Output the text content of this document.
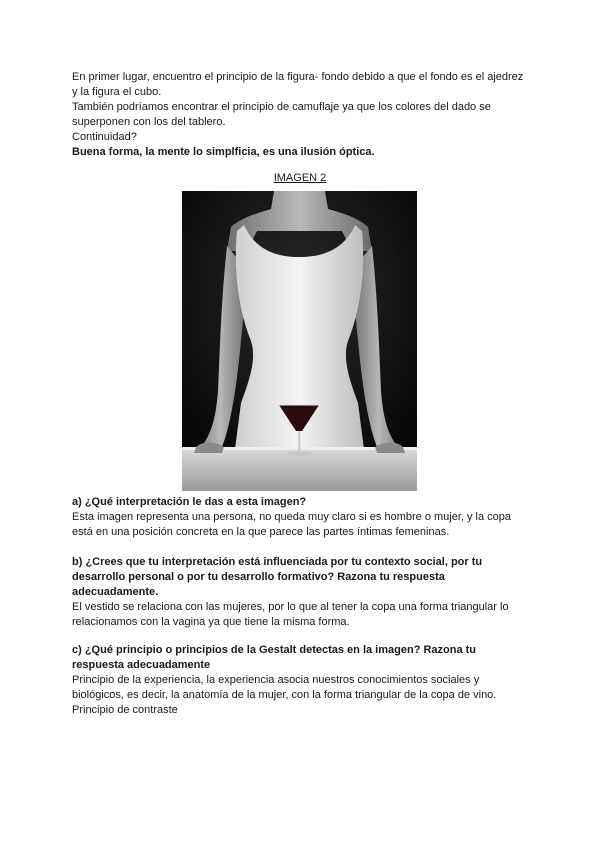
En primer lugar, encuentro el principio de la figura- fondo debido a que el fondo es el ajedrez

y la figura el cubo.

También podríamos encontrar el principio de camuflaje ya que los colores del dado se

superponen con los del tablero.

Continuidad?

Buena forma, la mente lo simplficia, es una ilusión óptica.

IMAGEN 2

a) ¿Qué interpretación le das a esta imagen?

Esta imagen representa una persona, no queda muy claro si es hombre o mujer, y la copa

está en una posición concreta en la que parece las partes íntimas femeninas.

b) ¿Crees que tu interpretación está influenciada por tu contexto social, por tu

desarrollo personal o por tu desarrollo formativo? Razona tu respuesta

adecuadamente.

El vestido se relaciona con las mujeres, por lo que al tener la copa una forma triangular lo

relacionamos con la vagina ya que tiene la misma forma.

c) ¿Qué principio o principios de la Gestalt detectas en la imagen? Razona tu

respuesta adecuadamente

Principio de la experiencia, la experiencia asocia nuestros conocimientos sociales y

biológicos, es decir, la anatomía de la mujer, con la forma triangular de la copa de vino.

Principio de contraste
